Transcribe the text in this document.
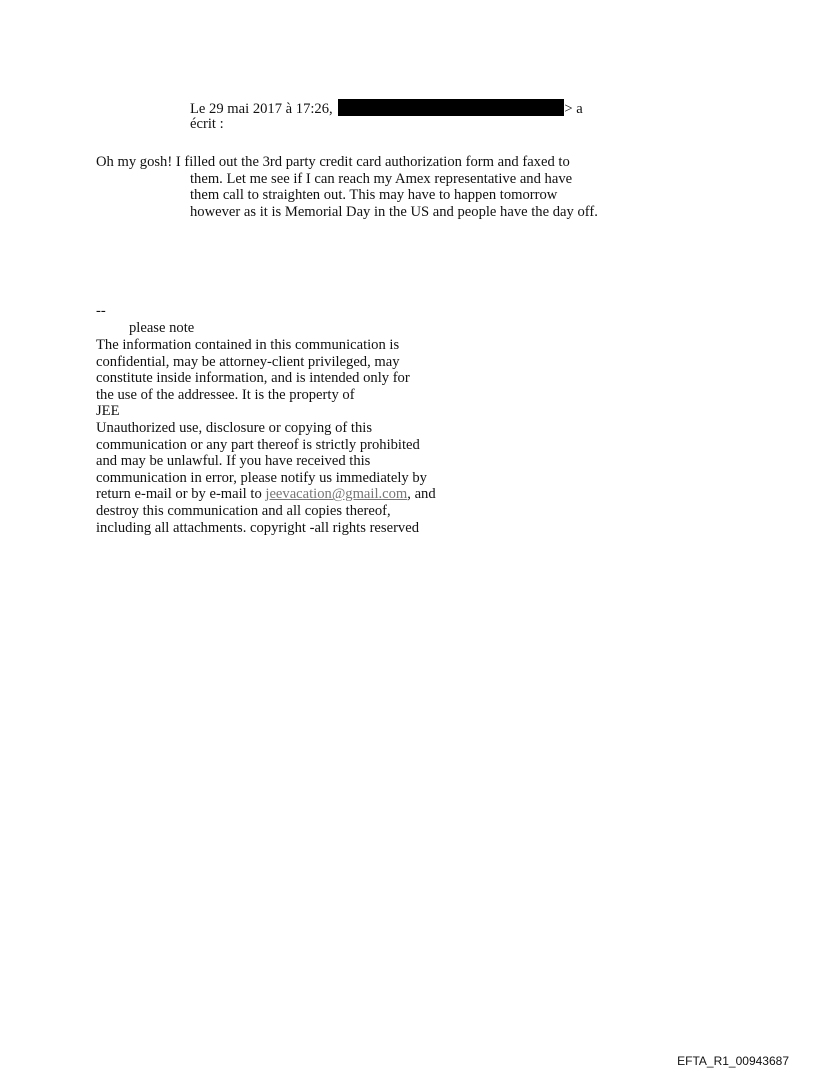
Le 29 mai 2017 à 17:26,	> a
écrit :
Oh my gosh! I filled out the 3rd party credit card authorization form and faxed to
them. Let me see if I can reach my Amex representative and have
them call to straighten out. This may have to happen tomorrow
however as it is Memorial Day in the US and people have the day off.
--
please note
The information contained in this communication is
confidential, may be attorney-client privileged, may
constitute inside information, and is intended only for
the use of the addressee. It is the property of
JEE
Unauthorized use, disclosure or copying of this
communication or any part thereof is strictly prohibited
and may be unlawful. If you have received this
communication in error, please notify us immediately by
return e-mail or by e-mail to jeevacation@gmail.com, and
destroy this communication and all copies thereof,
including all attachments. copyright -all rights reserved
EFTA_R1_00943687
